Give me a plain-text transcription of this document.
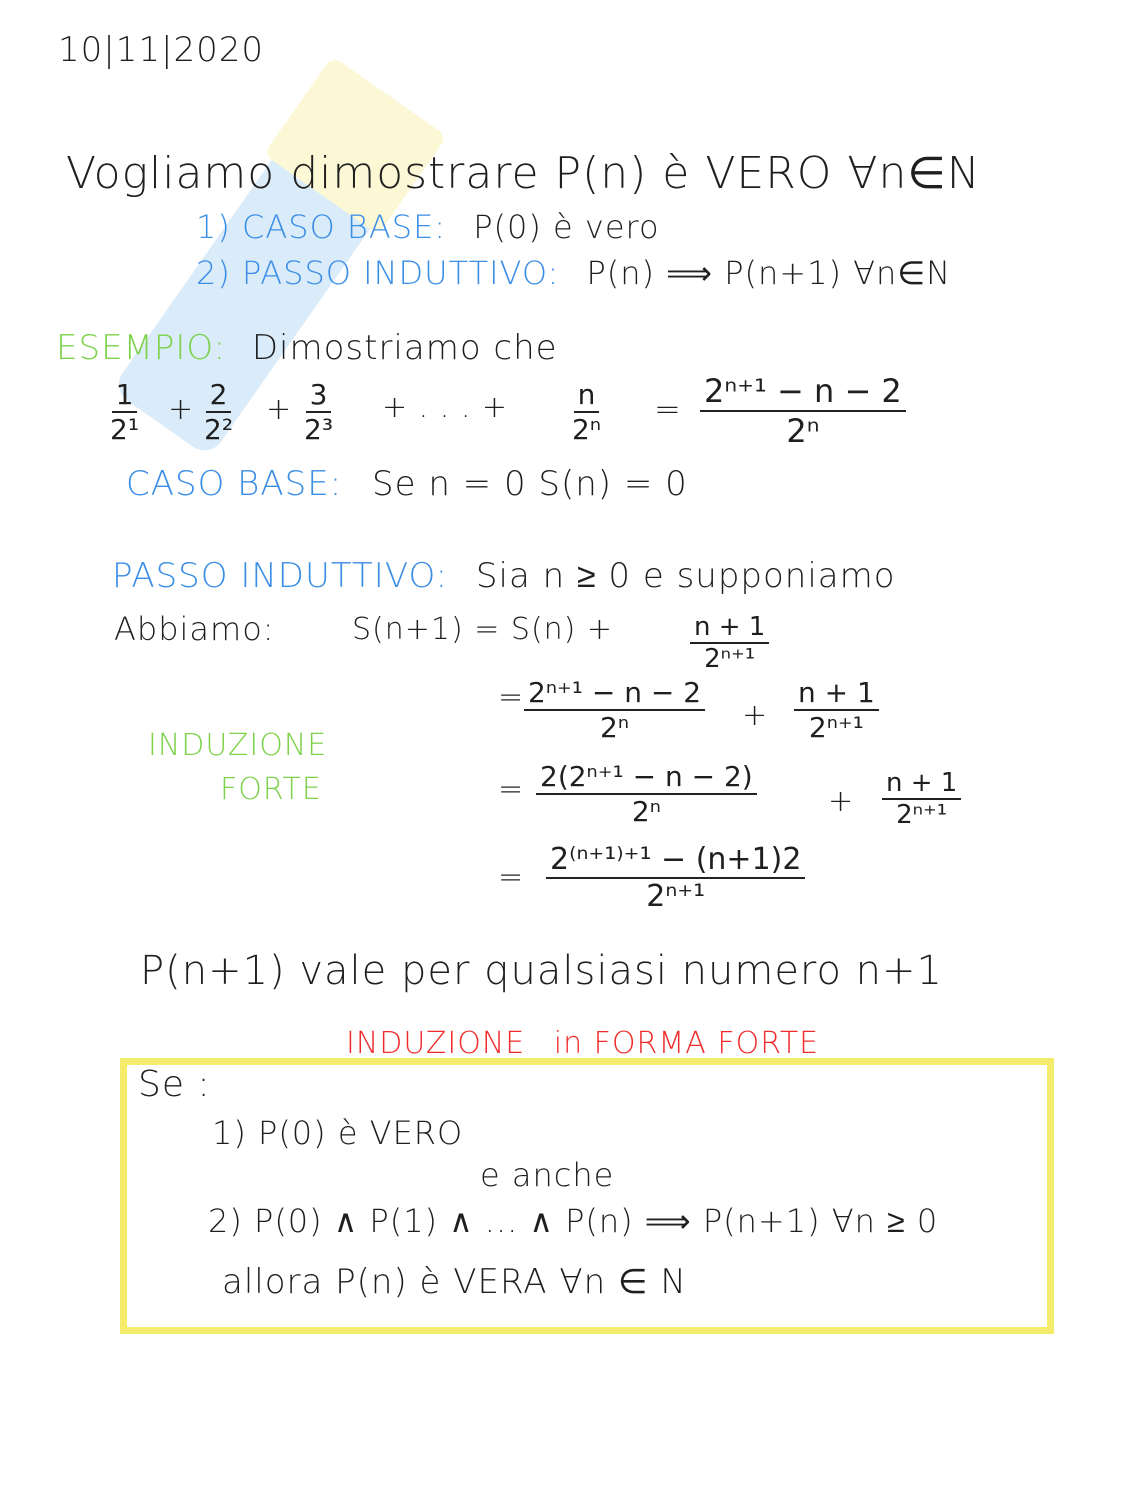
10|11|2020
Vogliamo dimostrare P(n) è VERO ∀n∈N
1) CASO BASE: P(0) è vero
2) PASSO INDUTTIVO: P(n) ⟹ P(n+1) ∀n∈N
ESEMPIO: Dimostriamo che
$\frac{1}{\text{2¹}} + \frac{2}{\text{2²}} + \frac{3}{\text{2³}}$ + . . . + $\frac{n}{\text{2ⁿ}} = \frac{\text{2ⁿ⁺¹ − n − 2}}{\text{2ⁿ}}$
CASO BASE: Se n = 0 S(n) = 0
PASSO INDUTTIVO: Sia n ≥ 0 e supponiamo
Abbiamo:	S(n+1) = S(n) +	$\frac{n + 1}{\text{2ⁿ⁺¹}}$
= $\frac{\text{2ⁿ⁺¹ − n − 2}}{\text{2ⁿ}} + \frac{n + 1}{\text{2ⁿ⁺¹}}$
INDUZIONE
FORTE	= $\frac{\text{2(2ⁿ⁺¹ − n − 2)}}{\text{2ⁿ}} + \frac{n + 1}{\text{2ⁿ⁺¹}}$
= $\frac{\text{2⁽ⁿ⁺¹⁾⁺¹ − (n+1)2}}{\text{2ⁿ⁺¹}}$
P(n+1) vale per qualsiasi numero n+1
INDUZIONE in FORMA FORTE
Se :
1) P(0) è VERO
e anche
2) P(0) ∧ P(1) ∧ ... ∧ P(n) ⟹ P(n+1) ∀n ≥ 0
allora P(n) è VERA ∀n ∈ N
